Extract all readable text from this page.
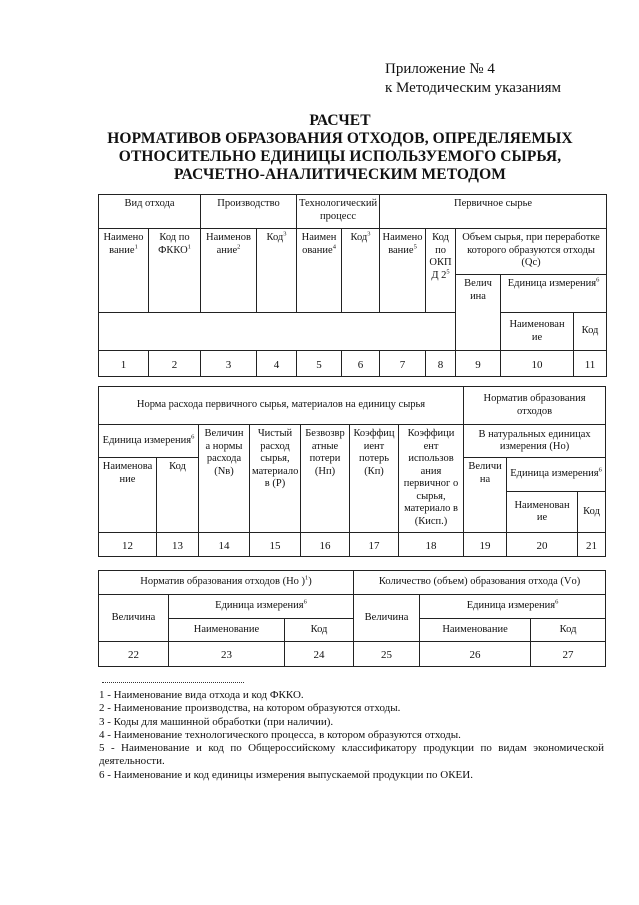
Приложение № 4
к Методическим указаниям
РАСЧЕТ
НОРМАТИВОВ ОБРАЗОВАНИЯ ОТХОДОВ, ОПРЕДЕЛЯЕМЫХ
ОТНОСИТЕЛЬНО ЕДИНИЦЫ ИСПОЛЬЗУЕМОГО СЫРЬЯ,
РАСЧЕТНО-АНАЛИТИЧЕСКИМ МЕТОДОМ
Вид отхода		Производство		Технологический процесс		Первичное сырье				
Наимено вание$^1$	Код по ФККО$^1$	Наименов ание$^2$	Код$^3$	Наимен ование$^4$	Код$^3$	Наимено вание$^5$	Код по ОКП Д $2^5$	Объем сырья, при переработке которого образуются отходы (Qс)		
								Велич ина	Единица измерения$^6$
									Наименован ие	Код
1	2	3	4	5	6	7	8	9	10	11
Норма расхода первичного сырья, материалов на единицу сырья							Норматив образования отходов		
Единица измерения$^6$		Величин а нормы расхода (Nв)	Чистый расход сырья, материало в (Р)	Безвозвр атные потери (Нп)	Коэффиц иент потерь (Кп)	Коэффици ент использов ания первичног о сырья, материало в (Кисп.)	В натуральных единицах измерения (Но)		
Наименова ние	Код						Величи на	Единица измерения$^6$
								Наименован ие	Код
12	13	14	15	16	17	18	19	20	21
Норматив образования отходов (Но )$^1$)			Количество (объем) образования отхода (Vо)		
Величина	Единица измерения$^6$		Величина	Единица измерения$^6$
	Наименование	Код		Наименование	Код
22	23	24	25	26	27
1 - Наименование вида отхода и код ФККО.
2 - Наименование производства, на котором образуются отходы.
3 - Коды для машинной обработки (при наличии).
4 - Наименование технологического процесса, в котором образуются отходы.
5 - Наименование и код по Общероссийскому классификатору продукции по видам экономической деятельности.
6 - Наименование и код единицы измерения выпускаемой продукции по ОКЕИ.
